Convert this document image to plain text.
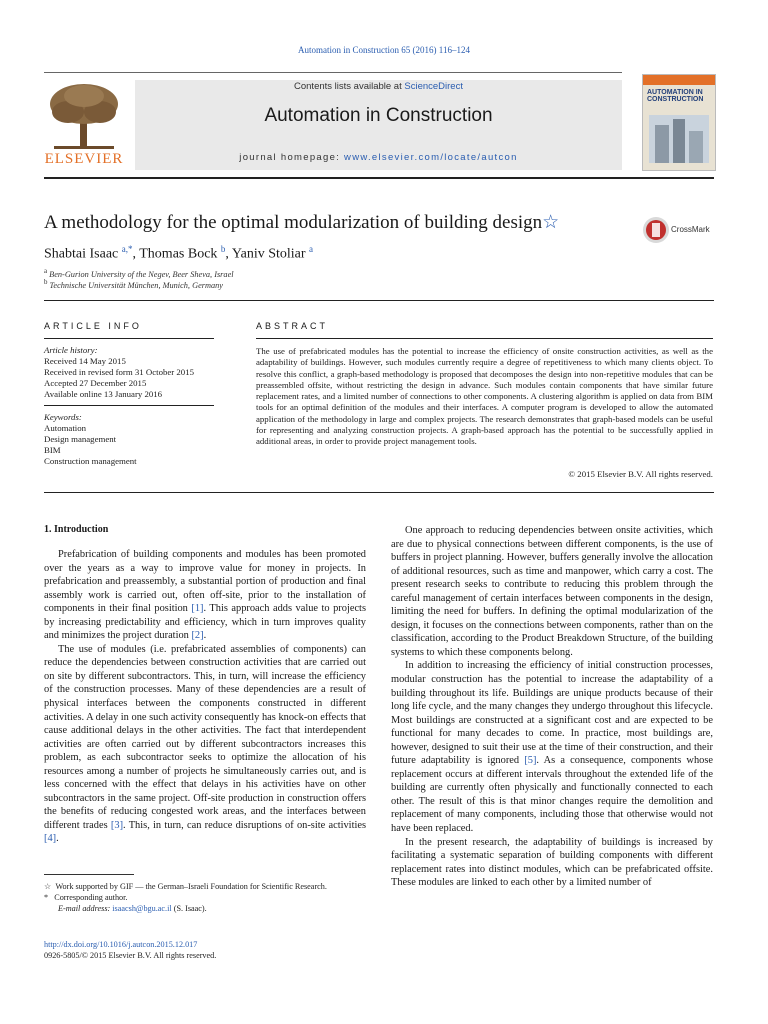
Automation in Construction 65 (2016) 116–124
ELSEVIER
Contents lists available at ScienceDirect
Automation in Construction
journal homepage: www.elsevier.com/locate/autcon
AUTOMATION IN CONSTRUCTION
A methodology for the optimal modularization of building design☆	CrossMark
Shabtai Isaac $^{a,*}$, Thomas Bock $^b$, Yaniv Stoliar $^a$
$^a$ Ben-Gurion University of the Negev, Beer Sheva, Israel
$^b$ Technische Universität München, Munich, Germany
ARTICLE INFO
Article history:
Received 14 May 2015
Received in revised form 31 October 2015
Accepted 27 December 2015
Available online 13 January 2016
Keywords:
Automation
Design management
BIM
Construction management
ABSTRACT
The use of prefabricated modules has the potential to increase the efficiency of onsite construction activities, as well as the adaptability of buildings. However, such modules currently require a degree of repetitiveness to which many clients object. To resolve this conflict, a graph-based methodology is proposed that decomposes the design into non-repetitive modules that can be preassembled offsite, without restricting the design in advance. Such modules contain components that have similar future replacement rates, and a limited number of connections to other components. A clustering algorithm is applied on data from BIM tools for an optimal definition of the modules and their interfaces. A computer program is developed to allow the automated application of the methodology in large and complex projects. The research demonstrates that graph-based models can be useful for representing and analyzing construction projects. A graph-based approach has the potential to be successfully applied in additional areas, in order to provide project management tools.
© 2015 Elsevier B.V. All rights reserved.
1. Introduction

Prefabrication of building components and modules has been promoted over the years as a way to improve value for money in projects. In prefabrication and preassembly, a substantial portion of production and final assembly work is carried out, often off-site, prior to the installation of components in their final position [1]. This approach adds value to projects by increasing predictability and efficiency, which in turn improves quality and minimizes the project duration [2].

The use of modules (i.e. prefabricated assemblies of components) can reduce the dependencies between construction activities that are carried out on site by different subcontractors. This, in turn, will increase the efficiency of the construction processes. Many of these dependencies are a result of physical interfaces between the components constructed in different activities. A delay in one such activity consequently has knock-on effects that cause additional delays in the other activities. The fact that interdependent activities are often carried out by different subcontractors increases this problem, as each subcontractor seeks to optimize the allocation of his resources among a number of projects he simultaneously carries out, and is less concerned with the effect that delays in his activities have on other subcontractors in the same project. Off-site production in construction offers the benefits of reducing congested work areas, and the interfaces between different trades [3]. This, in turn, can reduce disruptions of on-site activities [4].

One approach to reducing dependencies between onsite activities, which are due to physical connections between different components, is the use of buffers in project planning. However, buffers generally involve the allocation of additional resources, such as time and manpower, which carry a cost. The present research seeks to contribute to reducing this problem through the careful management of certain interfaces between components in the design, limiting the need for buffers. In defining the optimal modularization of the design, it focuses on the connections between components, rather than on the classification, according to the Product Breakdown Structure, of the building systems to which these components belong.

In addition to increasing the efficiency of initial construction processes, modular construction has the potential to increase the adaptability of a building throughout its life. Buildings are unique products because of their long life cycle, and the many changes they undergo throughout this lifecycle. Most buildings are constructed at a significant cost and are expected to be functional for many decades to come. In practice, most buildings are, however, designed to suit their use at the time of their construction, and their future adaptability is ignored [5]. As a consequence, components whose replacement occurs at different intervals throughout the extended life of the building are currently often physically and functionally connected to each other. The result of this is that minor changes require the demolition and replacement of many components, including those that otherwise would not have been replaced.

In the present research, the adaptability of buildings is increased by facilitating a systematic separation of building components with different replacement rates into distinct modules, which can be prefabricated offsite. These modules are linked to each other by a limited number of

☆ Work supported by GIF — the German–Israeli Foundation for Scientific Research.
* Corresponding author.
E-mail address: isaacsh@bgu.ac.il (S. Isaac).
http://dx.doi.org/10.1016/j.autcon.2015.12.017
0926-5805/© 2015 Elsevier B.V. All rights reserved.
